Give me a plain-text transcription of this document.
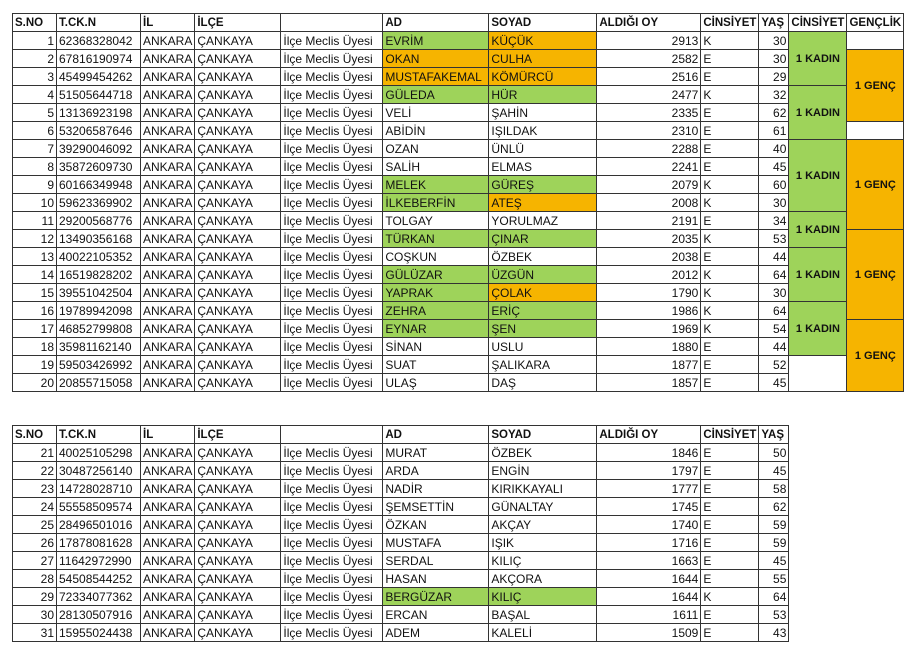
S.NO	T.CK.N	İL	İLÇE		AD	SOYAD	ALDIĞI OY	CİNSİYET	YAŞ	CİNSİYET	GENÇLİK
1	62368328042	ANKARA	ÇANKAYA	İlçe Meclis Üyesi	EVRİM	KÜÇÜK	2913	K	30	1 KADIN	
2	67816190974	ANKARA	ÇANKAYA	İlçe Meclis Üyesi	OKAN	CULHA	2582	E	30		1 GENÇ
3	45499454262	ANKARA	ÇANKAYA	İlçe Meclis Üyesi	MUSTAFAKEMAL	KÖMÜRCÜ	2516	E	29		
4	51505644718	ANKARA	ÇANKAYA	İlçe Meclis Üyesi	GÜLEDA	HÜR	2477	K	32	1 KADIN	
5	13136923198	ANKARA	ÇANKAYA	İlçe Meclis Üyesi	VELİ	ŞAHİN	2335	E	62		
6	53206587646	ANKARA	ÇANKAYA	İlçe Meclis Üyesi	ABİDİN	IŞILDAK	2310	E	61		
7	39290046092	ANKARA	ÇANKAYA	İlçe Meclis Üyesi	OZAN	ÜNLÜ	2288	E	40	1 KADIN	1 GENÇ
8	35872609730	ANKARA	ÇANKAYA	İlçe Meclis Üyesi	SALİH	ELMAS	2241	E	45		
9	60166349948	ANKARA	ÇANKAYA	İlçe Meclis Üyesi	MELEK	GÜREŞ	2079	K	60		
10	59623369902	ANKARA	ÇANKAYA	İlçe Meclis Üyesi	İLKEBERFİN	ATEŞ	2008	K	30		
11	29200568776	ANKARA	ÇANKAYA	İlçe Meclis Üyesi	TOLGAY	YORULMAZ	2191	E	34	1 KADIN	
12	13490356168	ANKARA	ÇANKAYA	İlçe Meclis Üyesi	TÜRKAN	ÇINAR	2035	K	53		1 GENÇ
13	40022105352	ANKARA	ÇANKAYA	İlçe Meclis Üyesi	COŞKUN	ÖZBEK	2038	E	44	1 KADIN	
14	16519828202	ANKARA	ÇANKAYA	İlçe Meclis Üyesi	GÜLÜZAR	ÜZGÜN	2012	K	64		
15	39551042504	ANKARA	ÇANKAYA	İlçe Meclis Üyesi	YAPRAK	ÇOLAK	1790	K	30		
16	19789942098	ANKARA	ÇANKAYA	İlçe Meclis Üyesi	ZEHRA	ERİÇ	1986	K	64	1 KADIN	
17	46852799808	ANKARA	ÇANKAYA	İlçe Meclis Üyesi	EYNAR	ŞEN	1969	K	54		1 GENÇ
18	35981162140	ANKARA	ÇANKAYA	İlçe Meclis Üyesi	SİNAN	USLU	1880	E	44		
19	59503426992	ANKARA	ÇANKAYA	İlçe Meclis Üyesi	SUAT	ŞALIKARA	1877	E	52		
20	20855715058	ANKARA	ÇANKAYA	İlçe Meclis Üyesi	ULAŞ	DAŞ	1857	E	45		
S.NO	T.CK.N	İL	İLÇE		AD	SOYAD	ALDIĞI OY	CİNSİYET	YAŞ
21	40025105298	ANKARA	ÇANKAYA	İlçe Meclis Üyesi	MURAT	ÖZBEK	1846	E	50
22	30487256140	ANKARA	ÇANKAYA	İlçe Meclis Üyesi	ARDA	ENGİN	1797	E	45
23	14728028710	ANKARA	ÇANKAYA	İlçe Meclis Üyesi	NADİR	KIRIKKAYALI	1777	E	58
24	55558509574	ANKARA	ÇANKAYA	İlçe Meclis Üyesi	ŞEMSETTİN	GÜNALTAY	1745	E	62
25	28496501016	ANKARA	ÇANKAYA	İlçe Meclis Üyesi	ÖZKAN	AKÇAY	1740	E	59
26	17878081628	ANKARA	ÇANKAYA	İlçe Meclis Üyesi	MUSTAFA	IŞIK	1716	E	59
27	11642972990	ANKARA	ÇANKAYA	İlçe Meclis Üyesi	SERDAL	KILIÇ	1663	E	45
28	54508544252	ANKARA	ÇANKAYA	İlçe Meclis Üyesi	HASAN	AKÇORA	1644	E	55
29	72334077362	ANKARA	ÇANKAYA	İlçe Meclis Üyesi	BERGÜZAR	KILIÇ	1644	K	64
30	28130507916	ANKARA	ÇANKAYA	İlçe Meclis Üyesi	ERCAN	BAŞAL	1611	E	53
31	15955024438	ANKARA	ÇANKAYA	İlçe Meclis Üyesi	ADEM	KALELİ	1509	E	43
